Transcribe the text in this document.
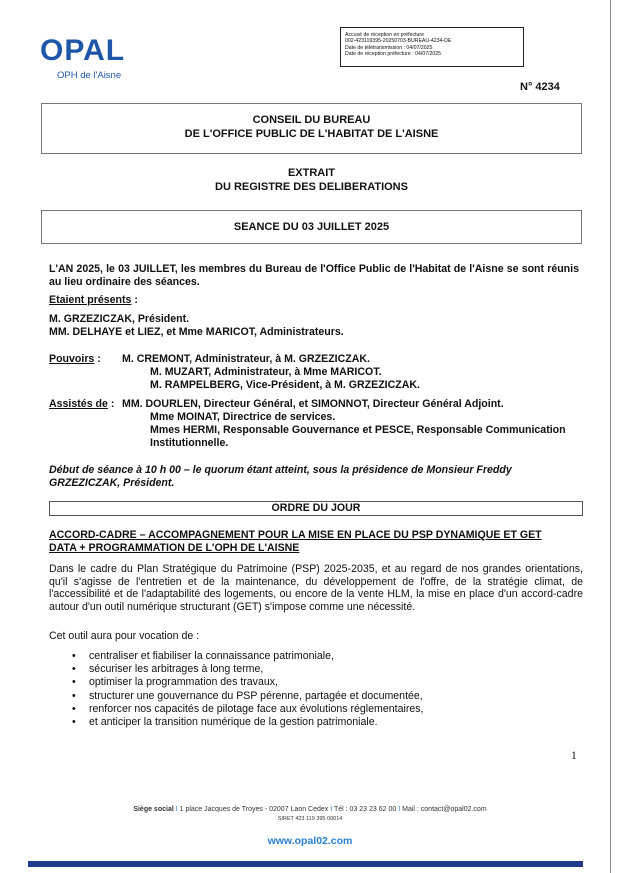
OPAL
OPH de l'Aisne
Accusé de réception en préfecture
002-423119395-20250703-BUREAU-4234-DE
Date de télétransmission : 04/07/2025
Date de réception préfecture : 04/07/2025
N° 4234
CONSEIL DU BUREAU
DE L'OFFICE PUBLIC DE L'HABITAT DE L'AISNE
EXTRAIT
DU REGISTRE DES DELIBERATIONS
SEANCE DU 03 JUILLET 2025
L'AN 2025, le 03 JUILLET, les membres du Bureau de l'Office Public de l'Habitat de l'Aisne se sont réunis au lieu ordinaire des séances.
Etaient présents :
M. GRZEZICZAK, Président.
MM. DELHAYE et LIEZ, et Mme MARICOT, Administrateurs.
Pouvoirs : M. CREMONT, Administrateur, à M. GRZEZICZAK.
M. MUZART, Administrateur, à Mme MARICOT.
M. RAMPELBERG, Vice-Président, à M. GRZEZICZAK.
Assistés de : MM. DOURLEN, Directeur Général, et SIMONNOT, Directeur Général Adjoint.
Mme MOINAT, Directrice de services.
Mmes HERMI, Responsable Gouvernance et PESCE, Responsable Communication
Institutionnelle.
Début de séance à 10 h 00 – le quorum étant atteint, sous la présidence de Monsieur Freddy
GRZEZICZAK, Président.
ORDRE DU JOUR
ACCORD-CADRE – ACCOMPAGNEMENT POUR LA MISE EN PLACE DU PSP DYNAMIQUE ET GET
DATA + PROGRAMMATION DE L'OPH DE L'AISNE
Dans le cadre du Plan Stratégique du Patrimoine (PSP) 2025-2035, et au regard de nos grandes orientations, qu'il s'agisse de l'entretien et de la maintenance, du développement de l'offre, de la stratégie climat, de l'accessibilité et de l'adaptabilité des logements, ou encore de la vente HLM, la mise en place d'un accord-cadre autour d'un outil numérique structurant (GET) s'impose comme une nécessité.
Cet outil aura pour vocation de :
• centraliser et fiabiliser la connaissance patrimoniale,
• sécuriser les arbitrages à long terme,
• optimiser la programmation des travaux,
• structurer une gouvernance du PSP pérenne, partagée et documentée,
• renforcer nos capacités de pilotage face aux évolutions réglementaires,
• et anticiper la transition numérique de la gestion patrimoniale.
1
Siège social I 1 place Jacques de Troyes - 02007 Laon Cedex I Tél : 03 23 23 62 00 I Mail : contact@opal02.com
SIRET 423 119 395 00014
www.opal02.com
